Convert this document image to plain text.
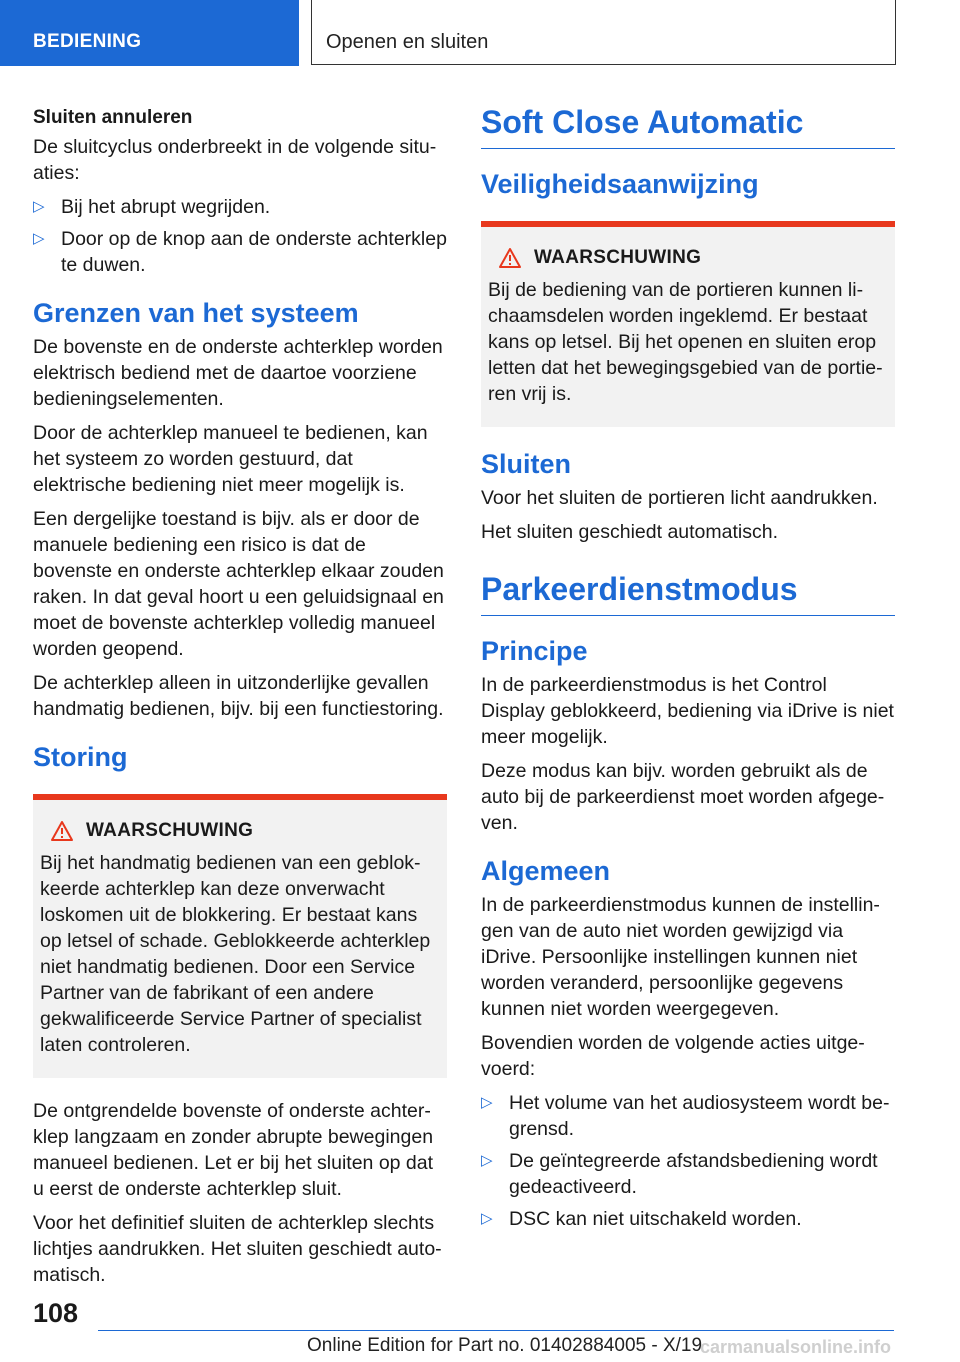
BEDIENING	Openen en sluiten
Sluiten annuleren

De sluitcyclus onderbreekt in de volgende situaties:

▷ Bij het abrupt wegrijden.
▷ Door op de knop aan de onderste achterklep te duwen.
Grenzen van het systeem

De bovenste en de onderste achterklep worden elektrisch bediend met de daartoe voorziene bedieningselementen.

Door de achterklep manueel te bedienen, kan het systeem zo worden gestuurd, dat elektrische bediening niet meer mogelijk is.

Een dergelijke toestand is bijv. als er door de manuele bediening een risico is dat de bovenste en onderste achterklep elkaar zouden raken. In dat geval hoort u een geluidsignaal en moet de bovenste achterklep volledig manueel worden geopend.

De achterklep alleen in uitzonderlijke gevallen handmatig bedienen, bijv. bij een functiestoring.

Storing
WAARSCHUWING

Bij het handmatig bedienen van een geblokkeerde achterklep kan deze onverwacht loskomen uit de blokkering. Er bestaat kans op letsel of schade. Geblokkeerde achterklep niet handmatig bedienen. Door een Service Partner van de fabrikant of een andere gekwalificeerde Service Partner of specialist laten controleren.

De ontgrendelde bovenste of onderste achterklep langzaam en zonder abrupte bewegingen manueel bedienen. Let er bij het sluiten op dat u eerst de onderste achterklep sluit.

Voor het definitief sluiten de achterklep slechts lichtjes aandrukken. Het sluiten geschiedt automatisch.

Soft Close Automatic
Veiligheidsaanwijzing
WAARSCHUWING

Bij de bediening van de portieren kunnen lichaamsdelen worden ingeklemd. Er bestaat kans op letsel. Bij het openen en sluiten erop letten dat het bewegingsgebied van de portieren vrij is.

Sluiten

Voor het sluiten de portieren licht aandrukken.

Het sluiten geschiedt automatisch.

Parkeerdienstmodus
Principe

In de parkeerdienstmodus is het Control Display geblokkeerd, bediening via iDrive is niet meer mogelijk.

Deze modus kan bijv. worden gebruikt als de auto bij de parkeerdienst moet worden afgegeven.

Algemeen

In de parkeerdienstmodus kunnen de instellingen van de auto niet worden gewijzigd via iDrive. Persoonlijke instellingen kunnen niet worden veranderd, persoonlijke gegevens kunnen niet worden weergegeven.

Bovendien worden de volgende acties uitgevoerd:

▷ Het volume van het audiosysteem wordt begrensd.
▷ De geïntegreerde afstandsbediening wordt gedeactiveerd.
▷ DSC kan niet uitschakeld worden.
108
Online Edition for Part no. 01402884005 - X/19
carmanualsonline.info
